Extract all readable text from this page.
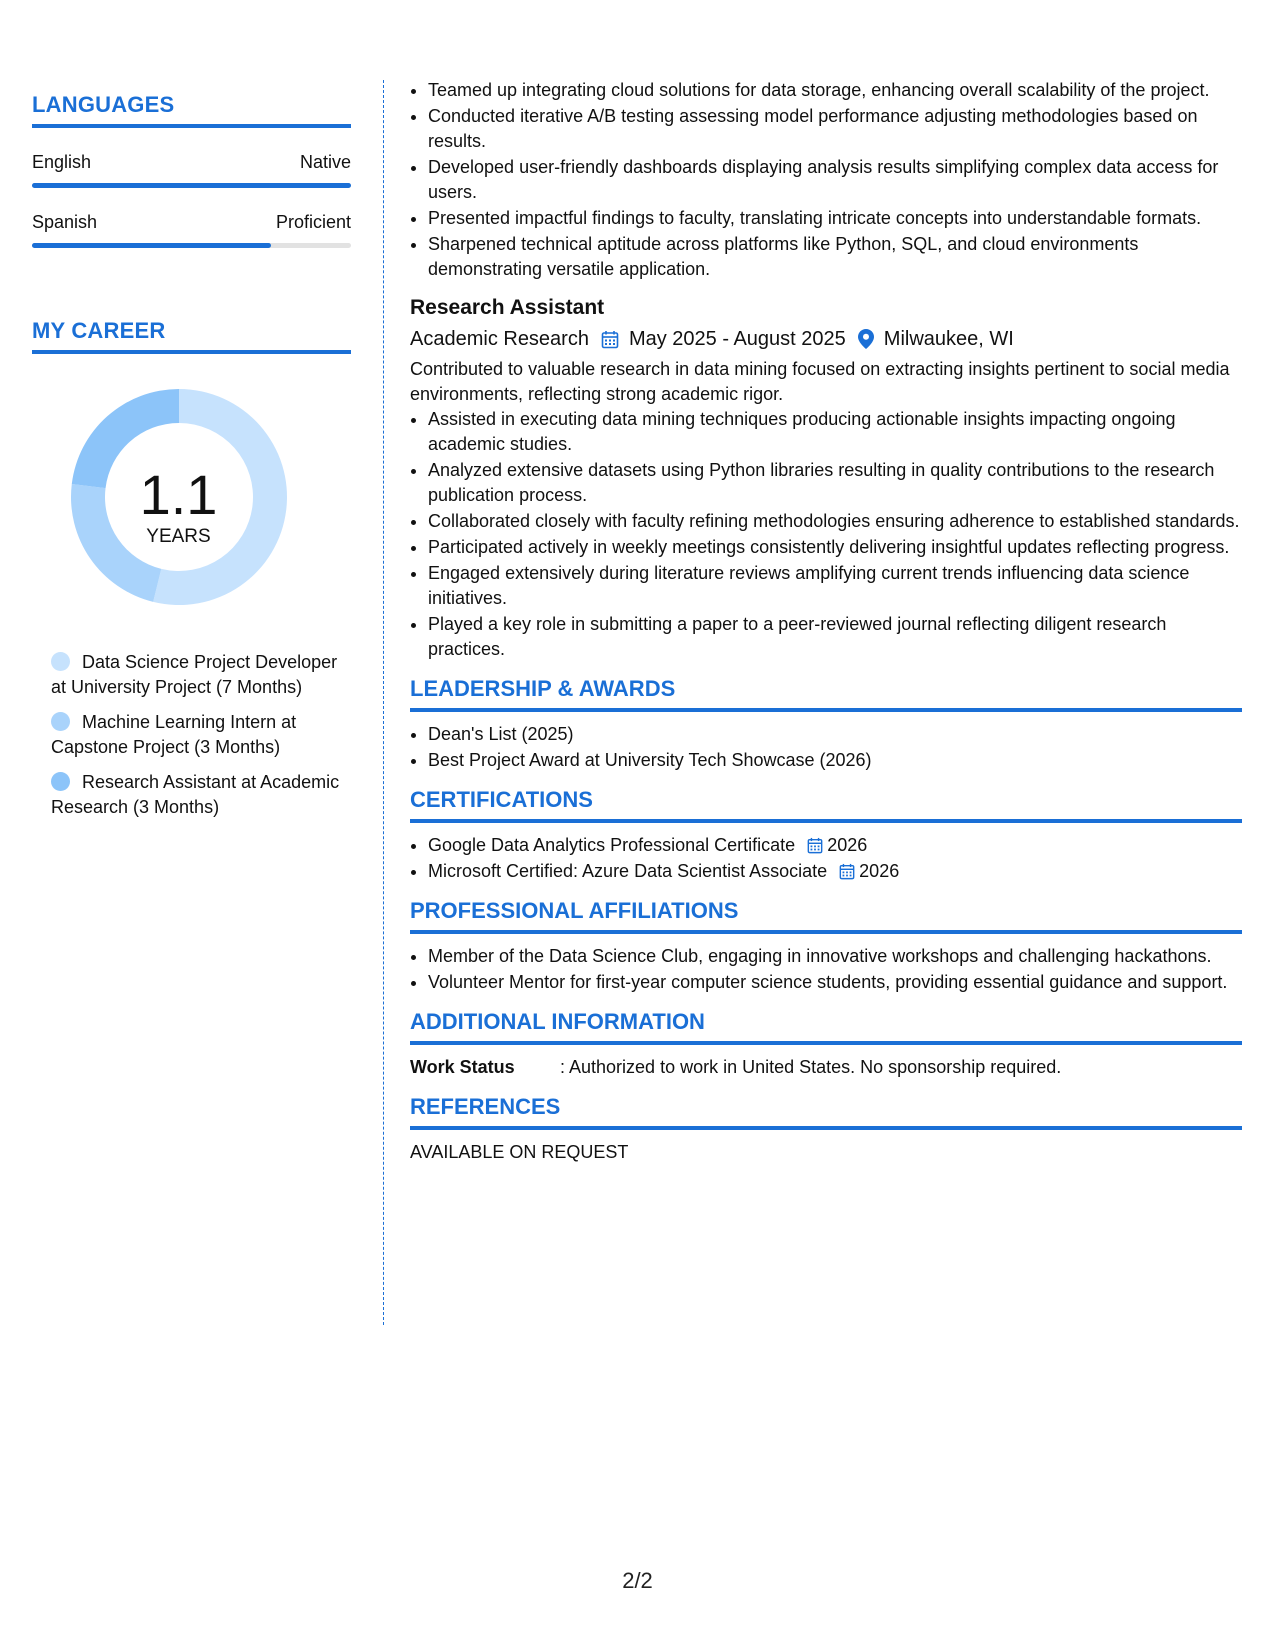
LANGUAGES
English	Native
Spanish	Proficient
MY CAREER
1.1
YEARS
Data Science Project Developer at University Project (7 Months)
Machine Learning Intern at Capstone Project (3 Months)
Research Assistant at Academic Research (3 Months)
• Teamed up integrating cloud solutions for data storage, enhancing overall scalability of the project.
• Conducted iterative A/B testing assessing model performance adjusting methodologies based on results.
• Developed user-friendly dashboards displaying analysis results simplifying complex data access for users.
• Presented impactful findings to faculty, translating intricate concepts into understandable formats.
• Sharpened technical aptitude across platforms like Python, SQL, and cloud environments demonstrating versatile application.
Research Assistant
Academic Research May 2025 - August 2025 Milwaukee, WI
Contributed to valuable research in data mining focused on extracting insights pertinent to social media environments, reflecting strong academic rigor.
• Assisted in executing data mining techniques producing actionable insights impacting ongoing academic studies.
• Analyzed extensive datasets using Python libraries resulting in quality contributions to the research publication process.
• Collaborated closely with faculty refining methodologies ensuring adherence to established standards.
• Participated actively in weekly meetings consistently delivering insightful updates reflecting progress.
• Engaged extensively during literature reviews amplifying current trends influencing data science initiatives.
• Played a key role in submitting a paper to a peer-reviewed journal reflecting diligent research practices.
LEADERSHIP & AWARDS
• Dean's List (2025)
• Best Project Award at University Tech Showcase (2026)
CERTIFICATIONS
• Google Data Analytics Professional Certificate 2026
• Microsoft Certified: Azure Data Scientist Associate 2026
PROFESSIONAL AFFILIATIONS
• Member of the Data Science Club, engaging in innovative workshops and challenging hackathons.
• Volunteer Mentor for first-year computer science students, providing essential guidance and support.
ADDITIONAL INFORMATION
Work Status	: Authorized to work in United States. No sponsorship required.
REFERENCES
AVAILABLE ON REQUEST
2/2
